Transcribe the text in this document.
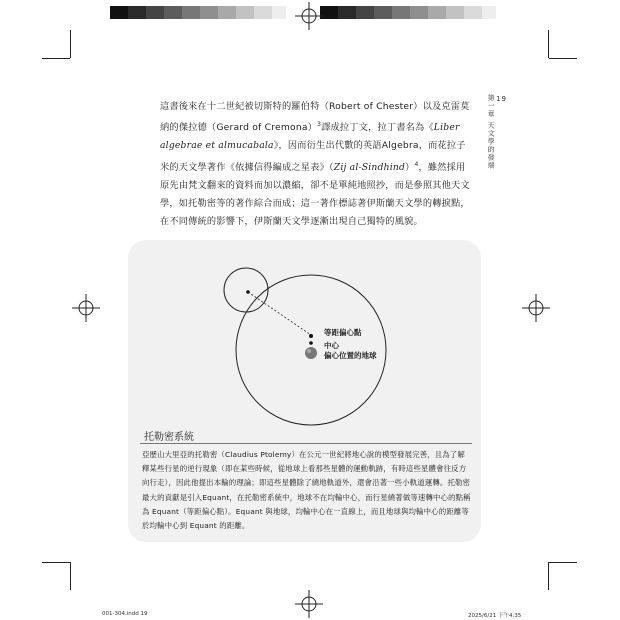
19
第一章 天文學的發端
這書後來在十二世紀被切斯特的羅伯特（Robert of Chester）以及克雷莫納的傑拉德（Gerard of Cremona）$^3$譯成拉丁文，拉丁書名為《Liber algebrae et almucabala》，因而衍生出代數的英語Algebra，而花拉子米的天文學著作《依據信得編成之星表》（Zij al-Sindhind）$^4$，雖然採用原先由梵文翻來的資料而加以濃縮，卻不是單純地照抄，而是參照其他天文學，如托勒密等的著作綜合而成；這一著作標誌著伊斯蘭天文學的轉捩點，在不同傳統的影響下，伊斯蘭天文學逐漸出現自己獨特的風貌。
等距偏心點
中心
偏心位置的地球
托勒密系統
亞歷山大里亞的托勒密（Claudius Ptolemy）在公元一世紀將地心說的模型發展完善，且為了解釋某些行星的逆行現象（即在某些時候，從地球上看那些星體的運動軌跡，有時這些星體會往反方向行走），因此他提出本輪的理論；即這些星體除了繞地軌道外，還會沿著一些小軌道運轉。托勒密最大的貢獻是引入Equant，在托勒密系統中，地球不在均輪中心，而行星繞著做等速轉中心的點稱為 Equant（等距偏心點）。Equant 與地球，均輪中心在一直線上，而且地球與均輪中心的距離等於均輪中心到 Equant 的距離。
001-304.indd 19	2025/6/21 下午4:35
